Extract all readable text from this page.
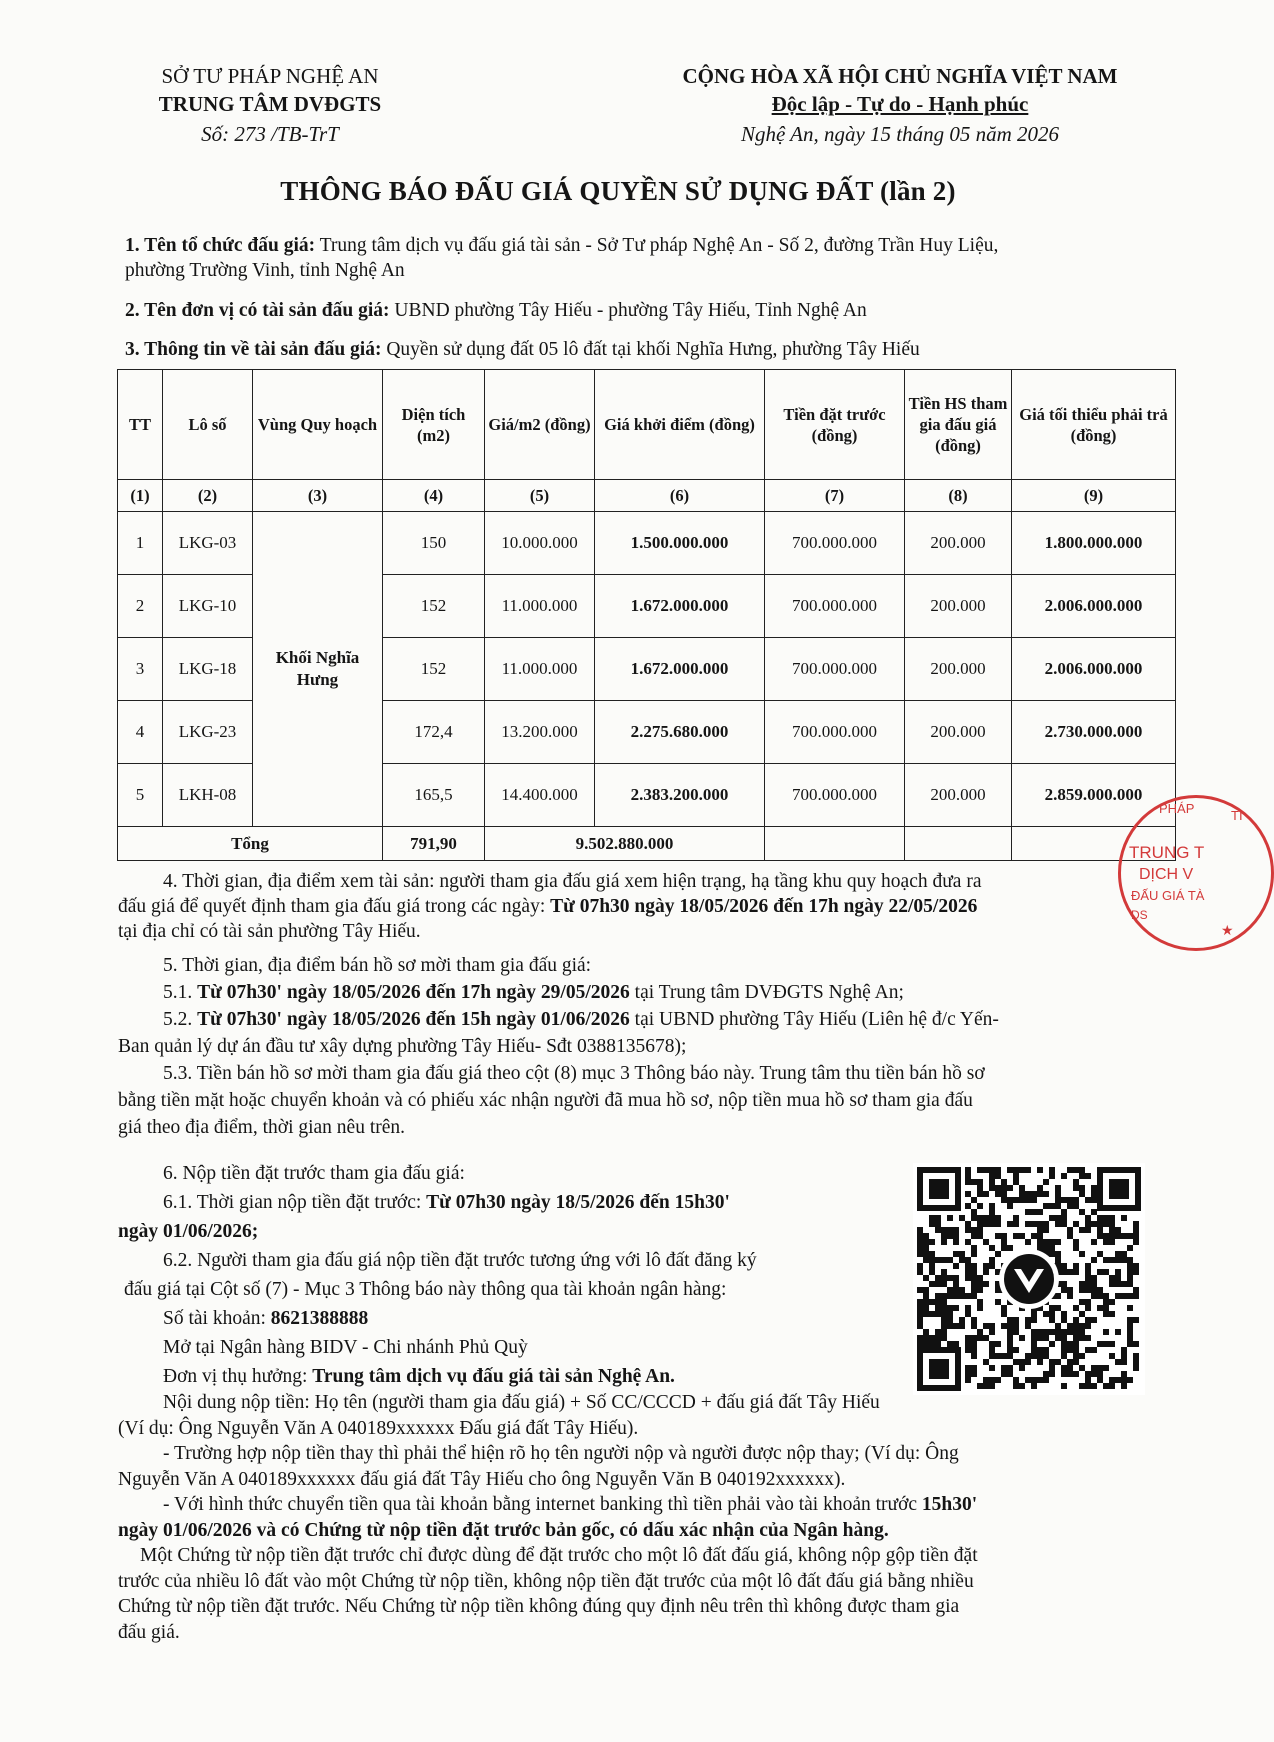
SỞ TƯ PHÁP NGHỆ AN
TRUNG TÂM DVĐGTS
Số: 273 /TB-TrT
CỘNG HÒA XÃ HỘI CHỦ NGHĨA VIỆT NAM
Độc lập - Tự do - Hạnh phúc
Nghệ An, ngày 15 tháng 05 năm 2026
THÔNG BÁO ĐẤU GIÁ QUYỀN SỬ DỤNG ĐẤT (lần 2)
1. Tên tổ chức đấu giá: Trung tâm dịch vụ đấu giá tài sản - Sở Tư pháp Nghệ An - Số 2, đường Trần Huy Liệu,
phường Trường Vinh, tỉnh Nghệ An
2. Tên đơn vị có tài sản đấu giá: UBND phường Tây Hiếu - phường Tây Hiếu, Tỉnh Nghệ An
3. Thông tin về tài sản đấu giá: Quyền sử dụng đất 05 lô đất tại khối Nghĩa Hưng, phường Tây Hiếu
TT	Lô số	Vùng Quy hoạch	Diện tích (m2)	Giá/m2 (đồng)	Giá khởi điểm (đồng)	Tiền đặt trước (đồng)	Tiền HS tham gia đấu giá (đồng)	Giá tối thiểu phải trả (đồng)
(1)	(2)	(3)	(4)	(5)	(6)	(7)	(8)	(9)
1	LKG-03	Khối Nghĩa Hưng	150	10.000.000	1.500.000.000	700.000.000	200.000	1.800.000.000
2	LKG-10		152	11.000.000	1.672.000.000	700.000.000	200.000	2.006.000.000
3	LKG-18		152	11.000.000	1.672.000.000	700.000.000	200.000	2.006.000.000
4	LKG-23		172,4	13.200.000	2.275.680.000	700.000.000	200.000	2.730.000.000
5	LKH-08		165,5	14.400.000	2.383.200.000	700.000.000	200.000	2.859.000.000
Tổng			791,90	9.502.880.000				
PHÁP	TI
TRUNG T
DỊCH V
ĐẤU GIÁ TÀ
DS
★
4. Thời gian, địa điểm xem tài sản: người tham gia đấu giá xem hiện trạng, hạ tầng khu quy hoạch đưa ra
đấu giá để quyết định tham gia đấu giá trong các ngày: Từ 07h30 ngày 18/05/2026 đến 17h ngày 22/05/2026
tại địa chỉ có tài sản phường Tây Hiếu.
5. Thời gian, địa điểm bán hồ sơ mời tham gia đấu giá:
5.1. Từ 07h30' ngày 18/05/2026 đến 17h ngày 29/05/2026 tại Trung tâm DVĐGTS Nghệ An;
5.2. Từ 07h30' ngày 18/05/2026 đến 15h ngày 01/06/2026 tại UBND phường Tây Hiếu (Liên hệ đ/c Yến-
Ban quản lý dự án đầu tư xây dựng phường Tây Hiếu- Sđt 0388135678);
5.3. Tiền bán hồ sơ mời tham gia đấu giá theo cột (8) mục 3 Thông báo này. Trung tâm thu tiền bán hồ sơ
bằng tiền mặt hoặc chuyển khoản và có phiếu xác nhận người đã mua hồ sơ, nộp tiền mua hồ sơ tham gia đấu
giá theo địa điểm, thời gian nêu trên.
6. Nộp tiền đặt trước tham gia đấu giá:
6.1. Thời gian nộp tiền đặt trước: Từ 07h30 ngày 18/5/2026 đến 15h30'
ngày 01/06/2026;
6.2. Người tham gia đấu giá nộp tiền đặt trước tương ứng với lô đất đăng ký
đấu giá tại Cột số (7) - Mục 3 Thông báo này thông qua tài khoản ngân hàng:
Số tài khoản: 8621388888
Mở tại Ngân hàng BIDV - Chi nhánh Phủ Quỳ
Đơn vị thụ hưởng: Trung tâm dịch vụ đấu giá tài sản Nghệ An.
Nội dung nộp tiền: Họ tên (người tham gia đấu giá) + Số CC/CCCD + đấu giá đất Tây Hiếu
(Ví dụ: Ông Nguyễn Văn A 040189xxxxxx Đấu giá đất Tây Hiếu).
- Trường hợp nộp tiền thay thì phải thể hiện rõ họ tên người nộp và người được nộp thay; (Ví dụ: Ông
Nguyễn Văn A 040189xxxxxx đấu giá đất Tây Hiếu cho ông Nguyễn Văn B 040192xxxxxx).
- Với hình thức chuyển tiền qua tài khoản bằng internet banking thì tiền phải vào tài khoản trước 15h30'
ngày 01/06/2026 và có Chứng từ nộp tiền đặt trước bản gốc, có dấu xác nhận của Ngân hàng.
Một Chứng từ nộp tiền đặt trước chỉ được dùng để đặt trước cho một lô đất đấu giá, không nộp gộp tiền đặt
trước của nhiều lô đất vào một Chứng từ nộp tiền, không nộp tiền đặt trước của một lô đất đấu giá bằng nhiều
Chứng từ nộp tiền đặt trước. Nếu Chứng từ nộp tiền không đúng quy định nêu trên thì không được tham gia
đấu giá.
